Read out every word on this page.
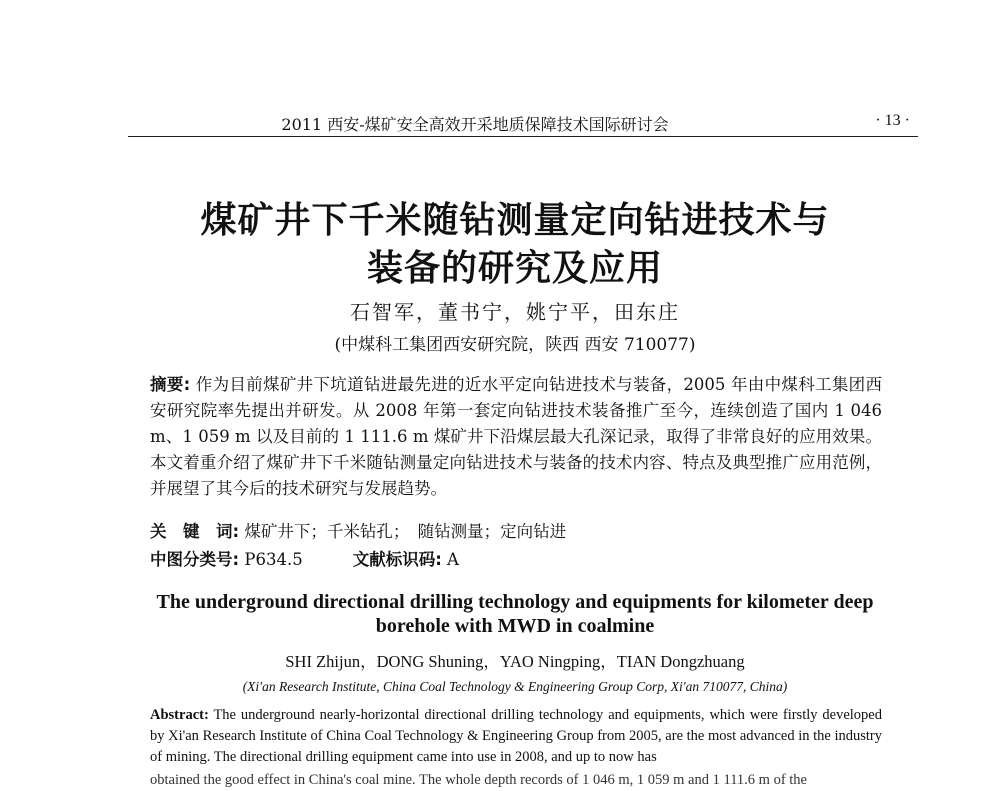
2011 西安-煤矿安全高效开采地质保障技术国际研讨会	· 13 ·
煤矿井下千米随钻测量定向钻进技术与
装备的研究及应用
石智军，董书宁，姚宁平，田东庄
(中煤科工集团西安研究院，陕西 西安 710077)
摘要: 作为目前煤矿井下坑道钻进最先进的近水平定向钻进技术与装备，2005 年由中煤科工集团西安研究院率先提出并研发。从 2008 年第一套定向钻进技术装备推广至今，连续创造了国内 1 046 m、1 059 m 以及目前的 1 111.6 m 煤矿井下沿煤层最大孔深记录，取得了非常良好的应用效果。本文着重介绍了煤矿井下千米随钻测量定向钻进技术与装备的技术内容、特点及典型推广应用范例，并展望了其今后的技术研究与发展趋势。
关　键　词: 煤矿井下；千米钻孔；　随钻测量；定向钻进
中图分类号: P634.5	文献标识码: A
The underground directional drilling technology and equipments for kilometer deep borehole with MWD in coalmine
SHI Zhijun，DONG Shuning，YAO Ningping，TIAN Dongzhuang
(Xi'an Research Institute, China Coal Technology & Engineering Group Corp, Xi'an 710077, China)
Abstract: The underground nearly-horizontal directional drilling technology and equipments, which were firstly developed by Xi'an Research Institute of China Coal Technology & Engineering Group from 2005, are the most advanced in the industry of mining. The directional drilling equipment came into use in 2008, and up to now has
obtained the good effect in China's coal mine. The whole depth records of 1 046 m, 1 059 m and 1 111.6 m of the
